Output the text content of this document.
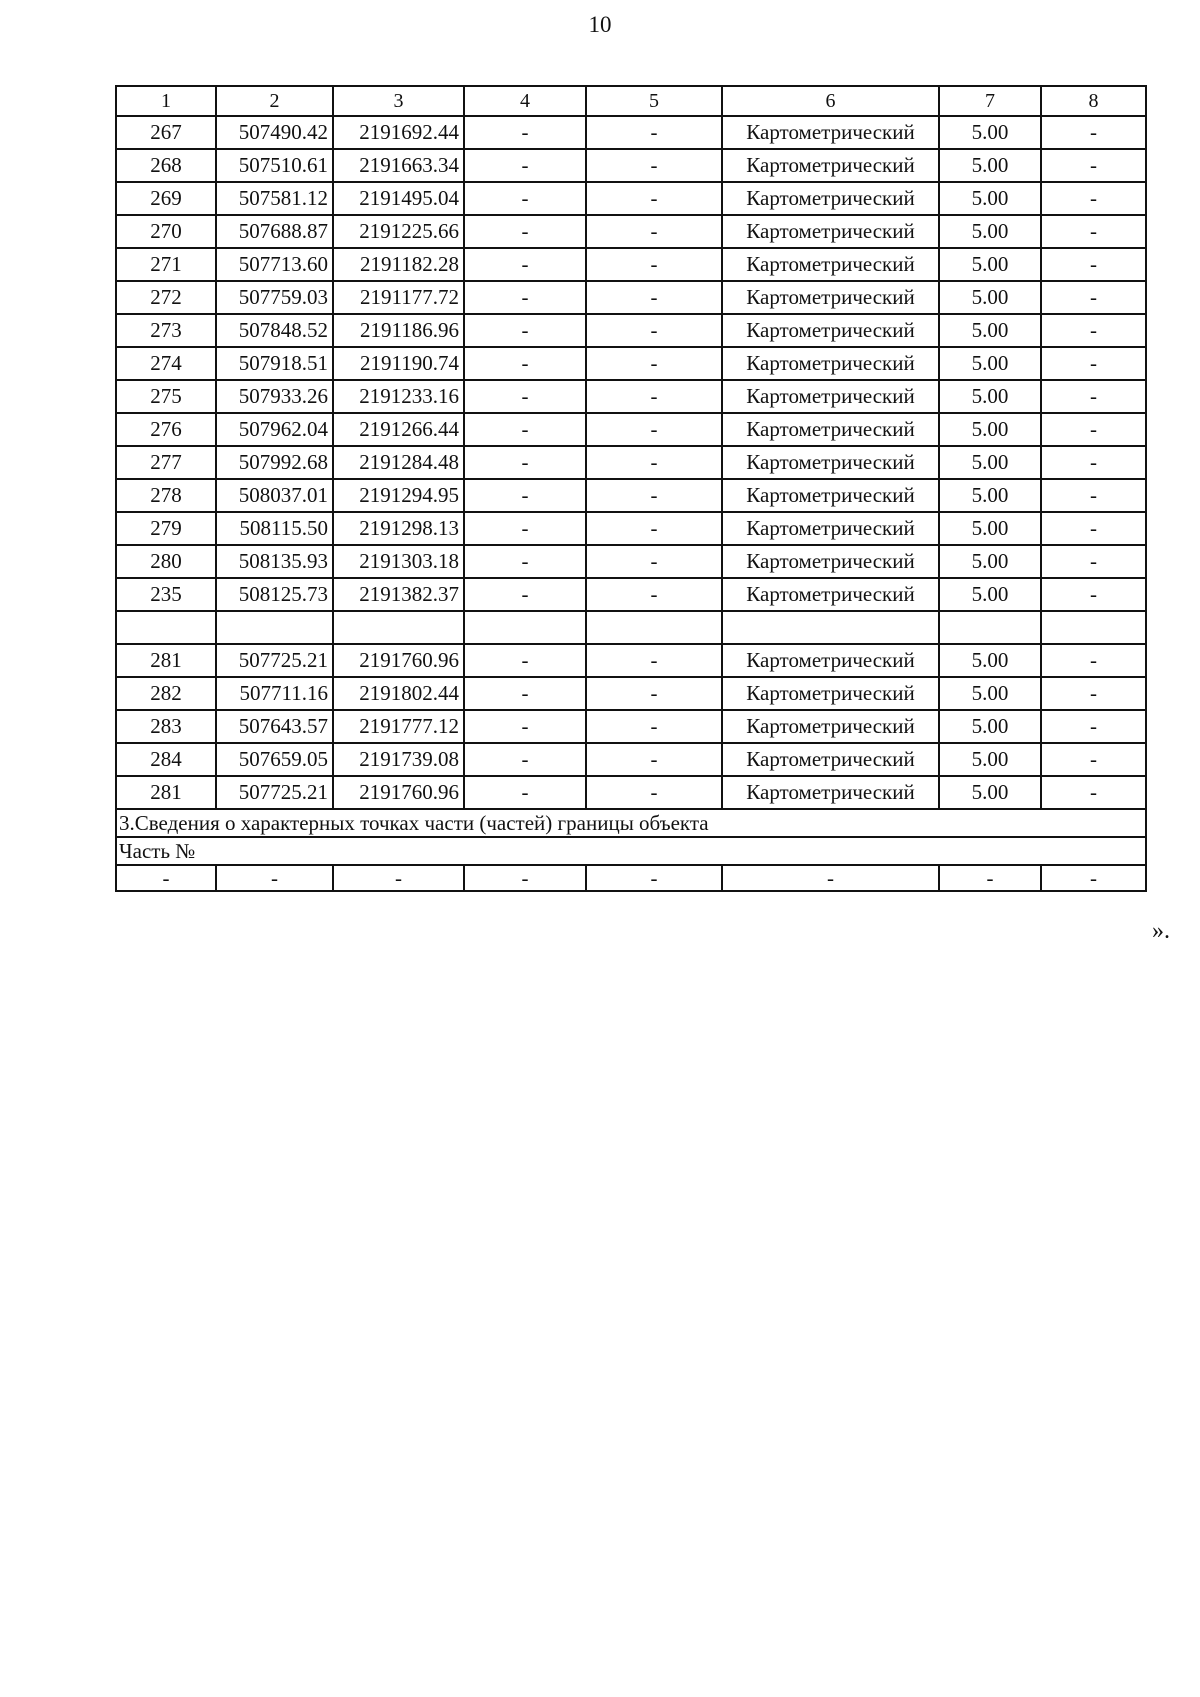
10
1	2	3	4	5	6	7	8
267	507490.42	2191692.44	-	-	Картометрический	5.00	-
268	507510.61	2191663.34	-	-	Картометрический	5.00	-
269	507581.12	2191495.04	-	-	Картометрический	5.00	-
270	507688.87	2191225.66	-	-	Картометрический	5.00	-
271	507713.60	2191182.28	-	-	Картометрический	5.00	-
272	507759.03	2191177.72	-	-	Картометрический	5.00	-
273	507848.52	2191186.96	-	-	Картометрический	5.00	-
274	507918.51	2191190.74	-	-	Картометрический	5.00	-
275	507933.26	2191233.16	-	-	Картометрический	5.00	-
276	507962.04	2191266.44	-	-	Картометрический	5.00	-
277	507992.68	2191284.48	-	-	Картометрический	5.00	-
278	508037.01	2191294.95	-	-	Картометрический	5.00	-
279	508115.50	2191298.13	-	-	Картометрический	5.00	-
280	508135.93	2191303.18	-	-	Картометрический	5.00	-
235	508125.73	2191382.37	-	-	Картометрический	5.00	-

281	507725.21	2191760.96	-	-	Картометрический	5.00	-
282	507711.16	2191802.44	-	-	Картометрический	5.00	-
283	507643.57	2191777.12	-	-	Картометрический	5.00	-
284	507659.05	2191739.08	-	-	Картометрический	5.00	-
281	507725.21	2191760.96	-	-	Картометрический	5.00	-
3.Сведения о характерных точках части (частей) границы объекта							
Часть №							
-	-	-	-	-	-	-	-
».
